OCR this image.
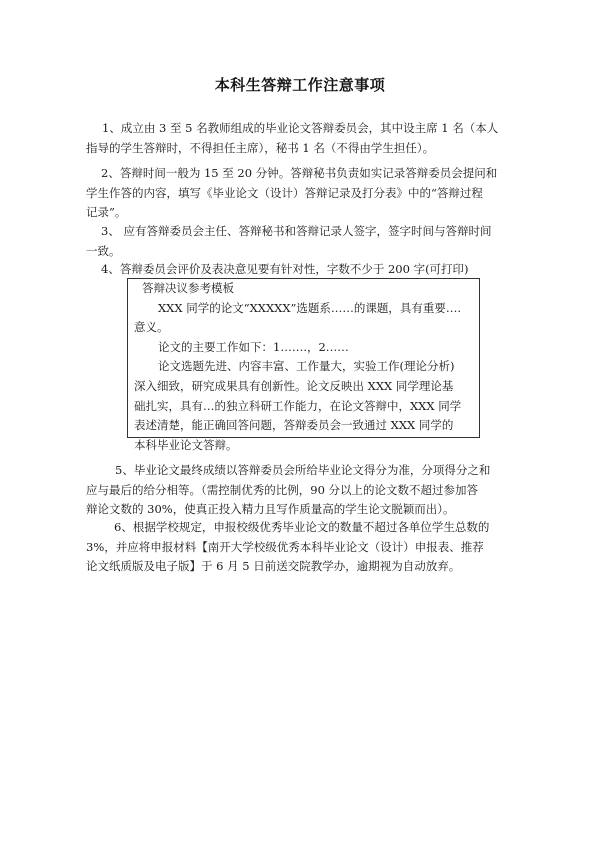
本科生答辩工作注意事项
1、成立由 3 至 5 名教师组成的毕业论文答辩委员会，其中设主席 1 名（本人
指导的学生答辩时，不得担任主席），秘书 1 名（不得由学生担任）。
2、答辩时间一般为 15 至 20 分钟。答辩秘书负责如实记录答辩委员会提问和
学生作答的内容，填写《毕业论文（设计）答辩记录及打分表》中的“答辩过程
记录”。
3、 应有答辩委员会主任、答辩秘书和答辩记录人签字，签字时间与答辩时间
一致。
4、答辩委员会评价及表决意见要有针对性，字数不少于 200 字(可打印)
答辩决议参考模板
XXX 同学的论文“XXXXX”选题系……的课题，具有重要….
意义。
论文的主要工作如下：1…….，2……
论文选题先进、内容丰富、工作量大，实验工作(理论分析)
深入细致，研究成果具有创新性。论文反映出 XXX 同学理论基
础扎实，具有…的独立科研工作能力，在论文答辩中，XXX 同学
表述清楚，能正确回答问题，答辩委员会一致通过 XXX 同学的
本科毕业论文答辩。
5、毕业论文最终成绩以答辩委员会所给毕业论文得分为准，分项得分之和
应与最后的给分相等。（需控制优秀的比例，90 分以上的论文数不超过参加答
辩论文数的 30%，使真正投入精力且写作质量高的学生论文脱颖而出）。
6、根据学校规定，申报校级优秀毕业论文的数量不超过各单位学生总数的
3%，并应将申报材料【南开大学校级优秀本科毕业论文（设计）申报表、推荐
论文纸质版及电子版】于 6 月 5 日前送交院教学办，逾期视为自动放弃。
